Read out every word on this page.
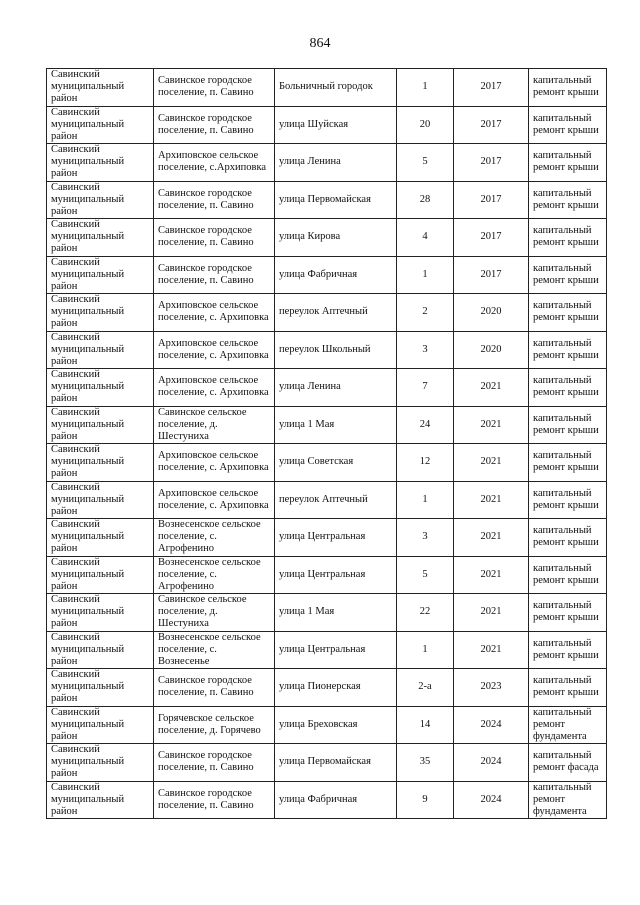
864
Савинский муниципальный район	Савинское городское поселение, п. Савино	Больничный городок	1	2017	капитальный ремонт крыши
Савинский муниципальный район	Савинское городское поселение, п. Савино	улица Шуйская	20	2017	капитальный ремонт крыши
Савинский муниципальный район	Архиповское сельское поселение, с.Архиповка	улица Ленина	5	2017	капитальный ремонт крыши
Савинский муниципальный район	Савинское городское поселение, п. Савино	улица Первомайская	28	2017	капитальный ремонт крыши
Савинский муниципальный район	Савинское городское поселение, п. Савино	улица Кирова	4	2017	капитальный ремонт крыши
Савинский муниципальный район	Савинское городское поселение, п. Савино	улица Фабричная	1	2017	капитальный ремонт крыши
Савинский муниципальный район	Архиповское сельское поселение, с. Архиповка	переулок Аптечный	2	2020	капитальный ремонт крыши
Савинский муниципальный район	Архиповское сельское поселение, с. Архиповка	переулок Школьный	3	2020	капитальный ремонт крыши
Савинский муниципальный район	Архиповское сельское поселение, с. Архиповка	улица Ленина	7	2021	капитальный ремонт крыши
Савинский муниципальный район	Савинское сельское поселение, д. Шестуниха	улица 1 Мая	24	2021	капитальный ремонт крыши
Савинский муниципальный район	Архиповское сельское поселение, с. Архиповка	улица Советская	12	2021	капитальный ремонт крыши
Савинский муниципальный район	Архиповское сельское поселение, с. Архиповка	переулок Аптечный	1	2021	капитальный ремонт крыши
Савинский муниципальный район	Вознесенское сельское поселение, с. Агрофенино	улица Центральная	3	2021	капитальный ремонт крыши
Савинский муниципальный район	Вознесенское сельское поселение, с. Агрофенино	улица Центральная	5	2021	капитальный ремонт крыши
Савинский муниципальный район	Савинское сельское поселение, д. Шестуниха	улица 1 Мая	22	2021	капитальный ремонт крыши
Савинский муниципальный район	Вознесенское сельское поселение, с. Вознесенье	улица Центральная	1	2021	капитальный ремонт крыши
Савинский муниципальный район	Савинское городское поселение, п. Савино	улица Пионерская	2-а	2023	капитальный ремонт крыши
Савинский муниципальный район	Горячевское сельское поселение, д. Горячево	улица Бреховская	14	2024	капитальный ремонт фундамента
Савинский муниципальный район	Савинское городское поселение, п. Савино	улица Первомайская	35	2024	капитальный ремонт фасада
Савинский муниципальный район	Савинское городское поселение, п. Савино	улица Фабричная	9	2024	капитальный ремонт фундамента
